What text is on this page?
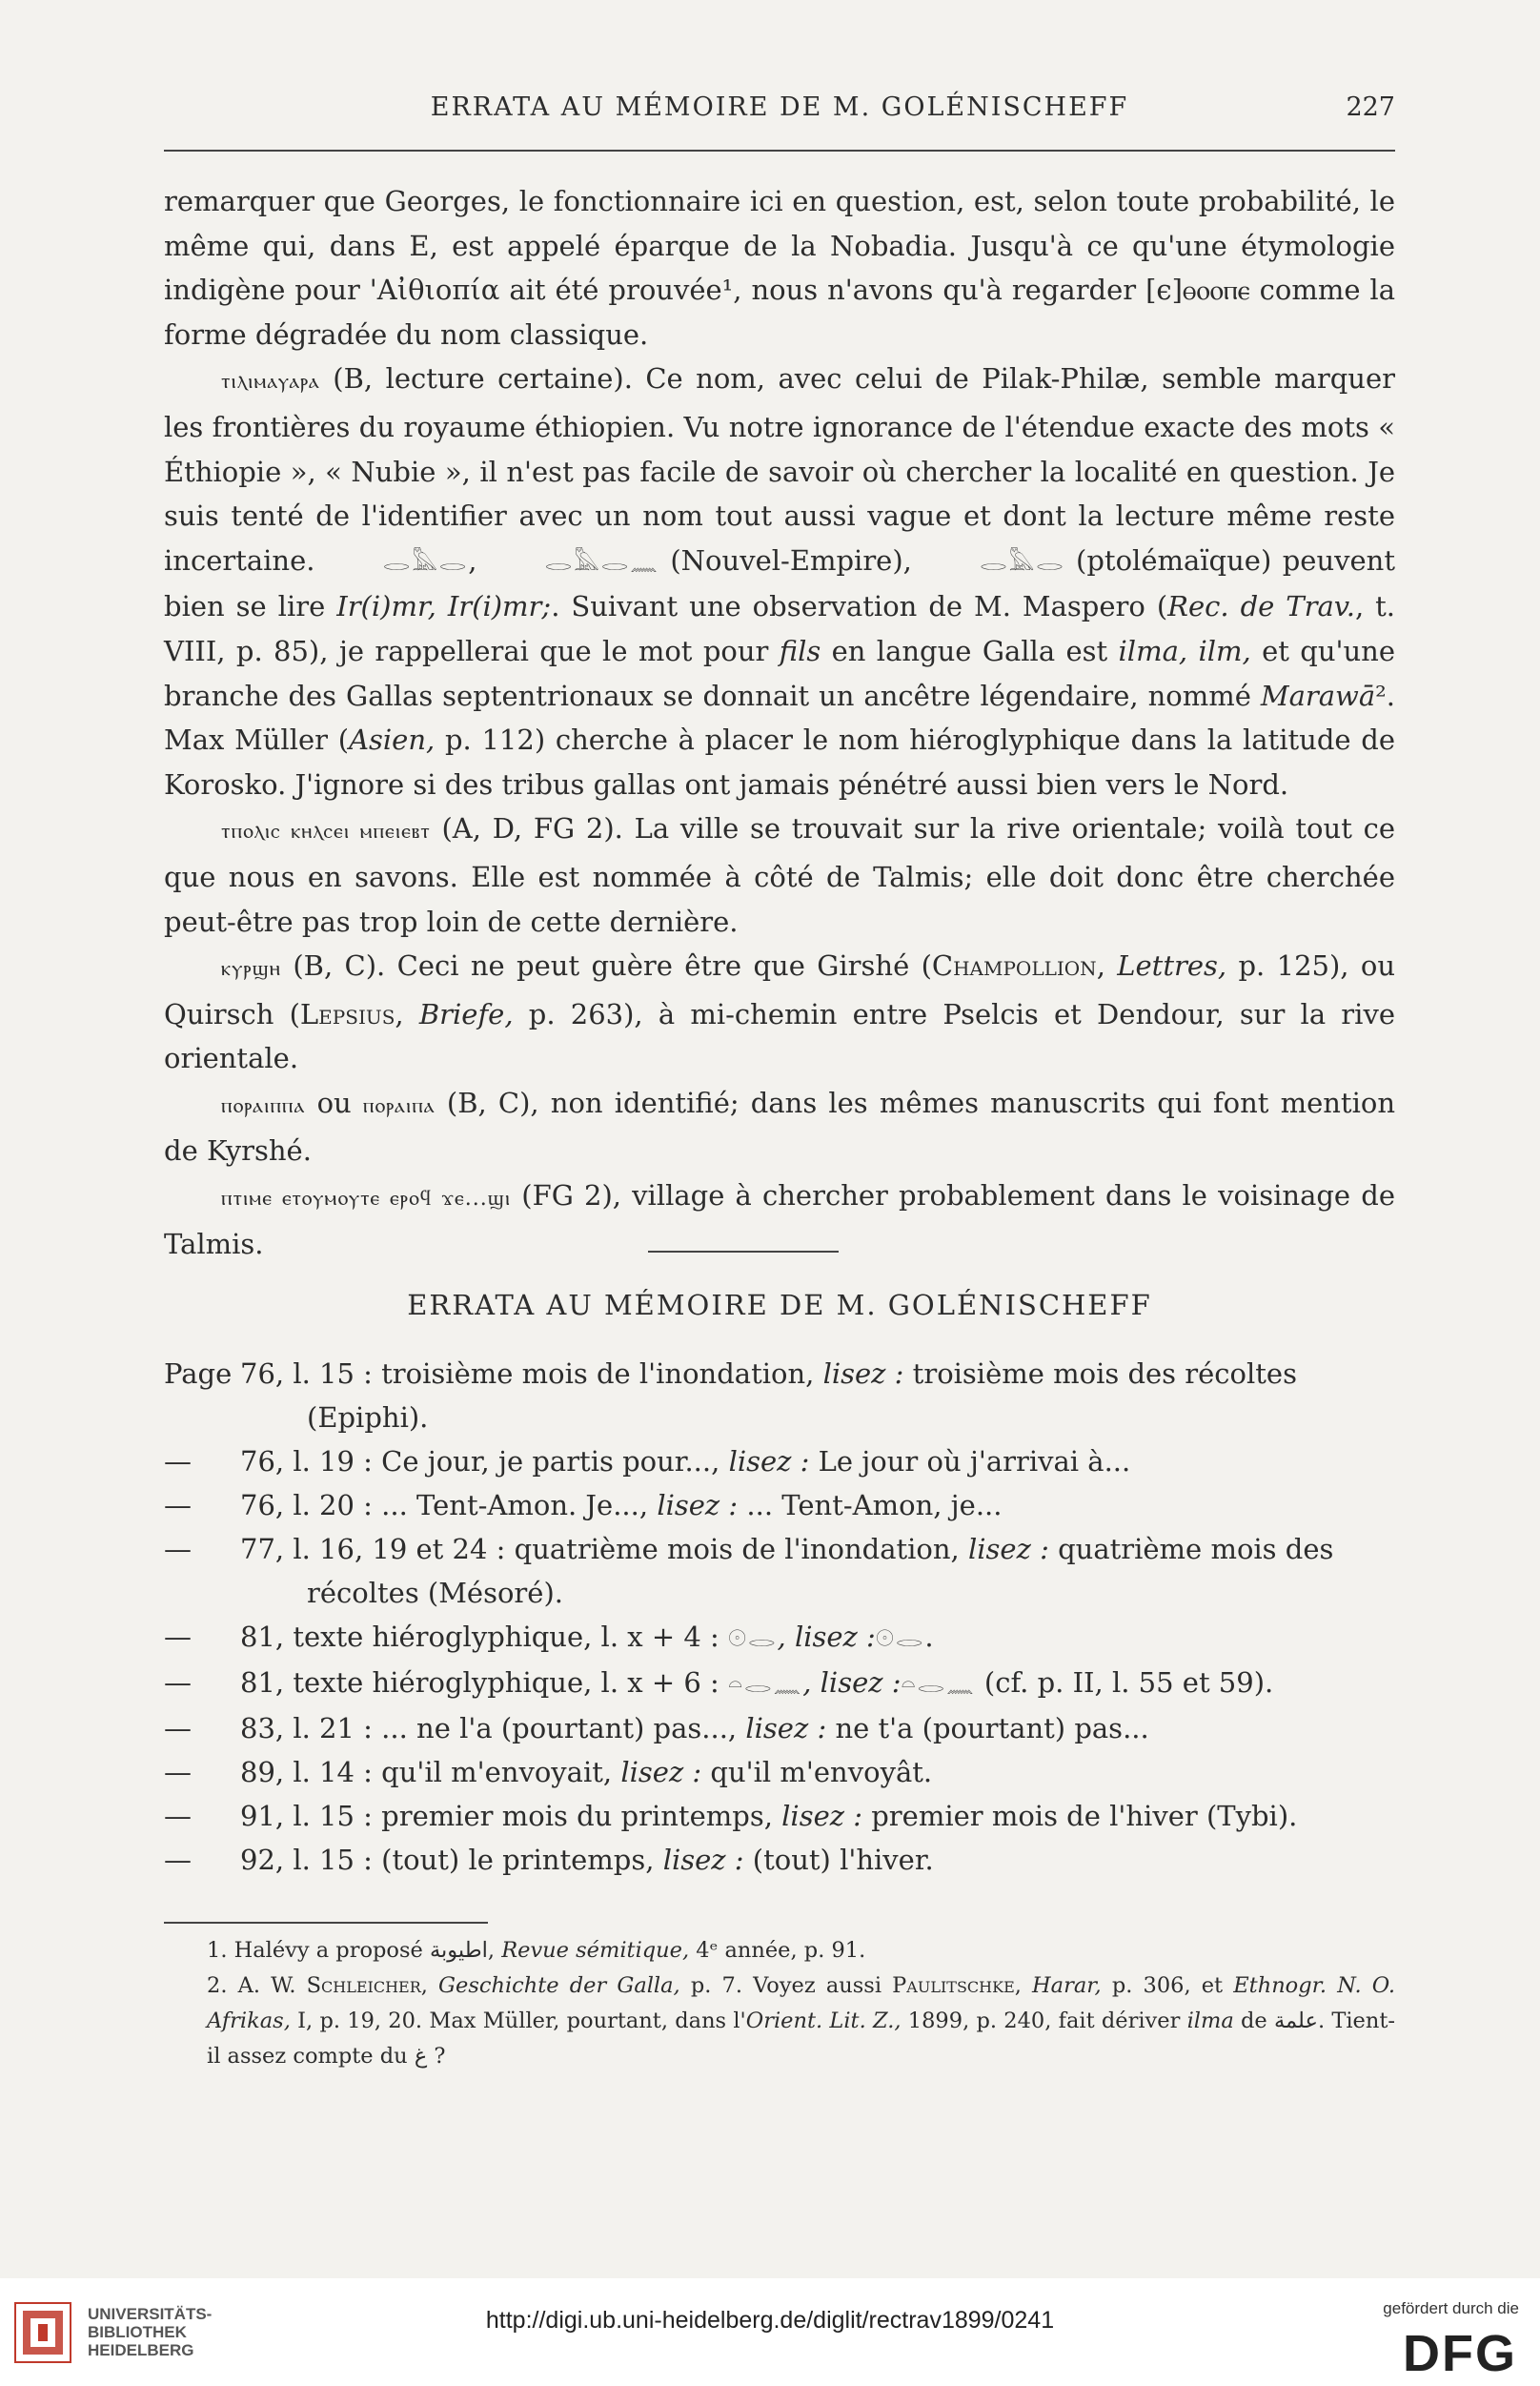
ERRATA AU MÉMOIRE DE M. GOLÉNISCHEFF	227

remarquer que Georges, le fonctionnaire ici en question, est, selon toute probabilité, le même qui, dans E, est appelé éparque de la Nobadia. Jusqu'à ce qu'une étymologie indigène pour 'Αἰθιοπία ait été prouvée¹, nous n'avons qu'à regarder [ϵ]ⲑⲟⲟⲡⲉ comme la forme dégradée du nom classique.

ⲧⲓⲗⲓⲙⲁⲩⲁⲣⲁ (B, lecture certaine). Ce nom, avec celui de Pilak-Philæ, semble marquer les frontières du royaume éthiopien. Vu notre ignorance de l'étendue exacte des mots « Éthiopie », « Nubie », il n'est pas facile de savoir où chercher la localité en question. Je suis tenté de l'identifier avec un nom tout aussi vague et dont la lecture même reste incertaine.	𓂋𓅓𓂋,	𓂋𓅓𓂋𓈖 (Nouvel-Empire),	𓂋𓅓𓂋 (ptolémaïque) peuvent bien se lire Ir(i)mr, Ir(i)mr;. Suivant une observation de M. Maspero (Rec. de Trav., t. VIII, p. 85), je rappellerai que le mot pour fils en langue Galla est ilma, ilm, et qu'une branche des Gallas septentrionaux se donnait un ancêtre légendaire, nommé Marawā². Max Müller (Asien, p. 112) cherche à placer le nom hiéroglyphique dans la latitude de Korosko. J'ignore si des tribus gallas ont jamais pénétré aussi bien vers le Nord.

ⲧⲡⲟⲗⲓⲥ ⲕⲏⲗⲥⲉⲓ ⲙⲡⲉⲓⲉⲃⲧ (A, D, FG 2). La ville se trouvait sur la rive orientale; voilà tout ce que nous en savons. Elle est nommée à côté de Talmis; elle doit donc être cherchée peut-être pas trop loin de cette dernière.

ⲕⲩⲣϣⲏ (B, C). Ceci ne peut guère être que Girshé (Champollion, Lettres, p. 125), ou Quirsch (Lepsius, Briefe, p. 263), à mi-chemin entre Pselcis et Dendour, sur la rive orientale.

ⲡⲟⲣⲁⲓⲡⲡⲁ ou ⲡⲟⲣⲁⲓⲡⲁ (B, C), non identifié; dans les mêmes manuscrits qui font mention de Kyrshé.

ⲡⲧⲓⲙⲉ ⲉⲧⲟⲩⲙⲟⲩⲧⲉ ⲉⲣⲟϥ ϫⲉ...ϣⲓ (FG 2), village à chercher probablement dans le voisinage de Talmis.

ERRATA AU MÉMOIRE DE M. GOLÉNISCHEFF
Page 76, l. 15 : troisième mois de l'inondation, lisez : troisième mois des récoltes
(Epiphi).
—	76, l. 19 : Ce jour, je partis pour..., lisez : Le jour où j'arrivai à...
—	76, l. 20 : ... Tent-Amon. Je..., lisez : ... Tent-Amon, je...
—	77, l. 16, 19 et 24 : quatrième mois de l'inondation, lisez : quatrième mois des
récoltes (Mésoré).
—	81, texte hiéroglyphique, l. x + 4 : 𓇳𓂋, lisez :𓇳𓂋.
—	81, texte hiéroglyphique, l. x + 6 : 𓏏𓂋𓈖, lisez :𓏏𓂋𓈖 (cf. p. II, l. 55 et 59).
—	83, l. 21 : ... ne l'a (pourtant) pas..., lisez : ne t'a (pourtant) pas...
—	89, l. 14 : qu'il m'envoyait, lisez : qu'il m'envoyât.
—	91, l. 15 : premier mois du printemps, lisez : premier mois de l'hiver (Tybi).
—	92, l. 15 : (tout) le printemps, lisez : (tout) l'hiver.

1. Halévy a proposé اطيوبة, Revue sémitique, 4ᵉ année, p. 91.

2. A. W. Schleicher, Geschichte der Galla, p. 7. Voyez aussi Paulitschke, Harar, p. 306, et Ethnogr. N. O. Afrikas, I, p. 19, 20. Max Müller, pourtant, dans l'Orient. Lit. Z., 1899, p. 240, fait dériver ilma de علمة. Tient-il assez compte du غ ?

UNIVERSITÄTS-
BIBLIOTHEK
HEIDELBERG
http://digi.ub.uni-heidelberg.de/diglit/rectrav1899/0241	gefördert durch die
DFG
